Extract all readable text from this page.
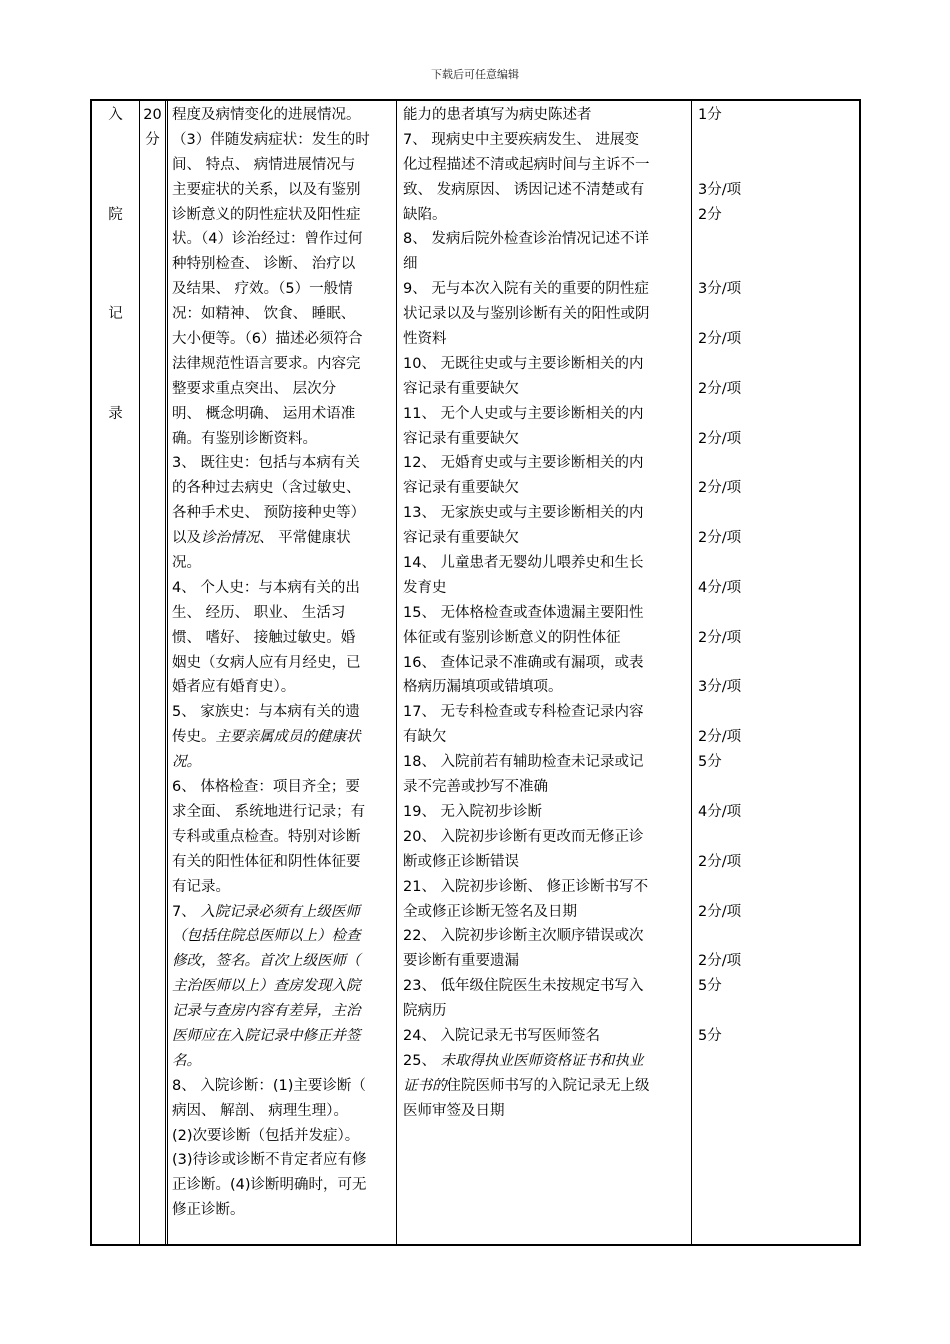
下载后可任意编辑
入
院
记
录
20
分
程度及病情变化的进展情况。
（3）伴随发病症状：发生的时
间、 特点、 病情进展情况与
主要症状的关系，以及有鉴别
诊断意义的阴性症状及阳性症
状。（4）诊治经过：曾作过何
种特别检查、 诊断、 治疗以
及结果、 疗效。（5）一般情
况：如精神、 饮食、 睡眠、
大小便等。（6）描述必须符合
法律规范性语言要求。内容完
整要求重点突出、 层次分
明、 概念明确、 运用术语准
确。有鉴别诊断资料。
3、 既往史：包括与本病有关
的各种过去病史（含过敏史、
各种手术史、 预防接种史等）
以及诊治情况、 平常健康状
况。
4、 个人史：与本病有关的出
生、 经历、 职业、 生活习
惯、 嗜好、 接触过敏史。婚
姻史（女病人应有月经史，已
婚者应有婚育史）。
5、 家族史：与本病有关的遗
传史。主要亲属成员的健康状
况。
6、 体格检查：项目齐全；要
求全面、 系统地进行记录；有
专科或重点检查。特别对诊断
有关的阳性体征和阴性体征要
有记录。
7、 入院记录必须有上级医师
（包括住院总医师以上）检查
修改，签名。首次上级医师（
主治医师以上）查房发现入院
记录与查房内容有差异，主治
医师应在入院记录中修正并签
名。
8、 入院诊断：(1)主要诊断（
病因、 解剖、 病理生理）。
(2)次要诊断（包括并发症）。
(3)待诊或诊断不肯定者应有修
正诊断。(4)诊断明确时，可无
修正诊断。
能力的患者填写为病史陈述者
7、 现病史中主要疾病发生、 进展变
化过程描述不清或起病时间与主诉不一
致、 发病原因、 诱因记述不清楚或有
缺陷。
8、 发病后院外检查诊治情况记述不详
细
9、 无与本次入院有关的重要的阴性症
状记录以及与鉴别诊断有关的阳性或阴
性资料
10、 无既往史或与主要诊断相关的内
容记录有重要缺欠
11、 无个人史或与主要诊断相关的内
容记录有重要缺欠
12、 无婚育史或与主要诊断相关的内
容记录有重要缺欠
13、 无家族史或与主要诊断相关的内
容记录有重要缺欠
14、 儿童患者无婴幼儿喂养史和生长
发育史
15、 无体格检查或查体遗漏主要阳性
体征或有鉴别诊断意义的阴性体征
16、 查体记录不准确或有漏项，或表
格病历漏填项或错填项。
17、 无专科检查或专科检查记录内容
有缺欠
18、 入院前若有辅助检查未记录或记
录不完善或抄写不准确
19、 无入院初步诊断
20、 入院初步诊断有更改而无修正诊
断或修正诊断错误
21、 入院初步诊断、 修正诊断书写不
全或修正诊断无签名及日期
22、 入院初步诊断主次顺序错误或次
要诊断有重要遗漏
23、 低年级住院医生未按规定书写入
院病历
24、 入院记录无书写医师签名
25、 未取得执业医师资格证书和执业
证书的住院医师书写的入院记录无上级
医师审签及日期
1分
3分/项
2分
3分/项
2分/项
2分/项
2分/项
2分/项
2分/项
4分/项
2分/项
3分/项
2分/项
5分
4分/项
2分/项
2分/项
2分/项
5分
5分
